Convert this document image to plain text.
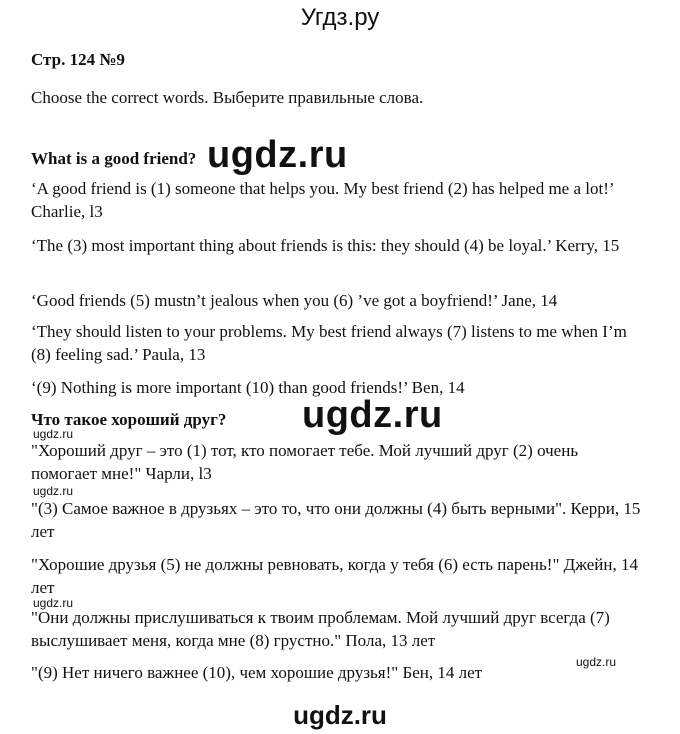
Угдз.ру
Стр. 124 №9
Choose the correct words. Выберите правильные слова.
What is a good friend?
‘A good friend is (1) someone that helps you. My best friend (2) has helped me a lot!’ Charlie, l3
‘The (3) most important thing about friends is this: they should (4) be loyal.’ Kerry, 15
‘Good friends (5) mustn’t jealous when you (6) ’ve got a boyfriend!’ Jane, 14
‘They should listen to your problems. My best friend always (7) listens to me when I’m (8) feeling sad.’ Paula, 13
‘(9) Nothing is more important (10) than good friends!’ Ben, 14
Что такое хороший друг?
"Хороший друг – это (1) тот, кто помогает тебе. Мой лучший друг (2) очень помогает мне!" Чарли, l3
"(3) Самое важное в друзьях – это то, что они должны (4) быть верными". Керри, 15 лет
"Хорошие друзья (5) не должны ревновать, когда у тебя (6) есть парень!" Джейн, 14 лет
"Они должны прислушиваться к твоим проблемам. Мой лучший друг всегда (7) выслушивает меня, когда мне (8) грустно." Пола, 13 лет
"(9) Нет ничего важнее (10), чем хорошие друзья!" Бен, 14 лет
ugdz.ru
ugdz.ru
ugdz.ru
ugdz.ru
ugdz.ru
ugdz.ru
ugdz.ru
